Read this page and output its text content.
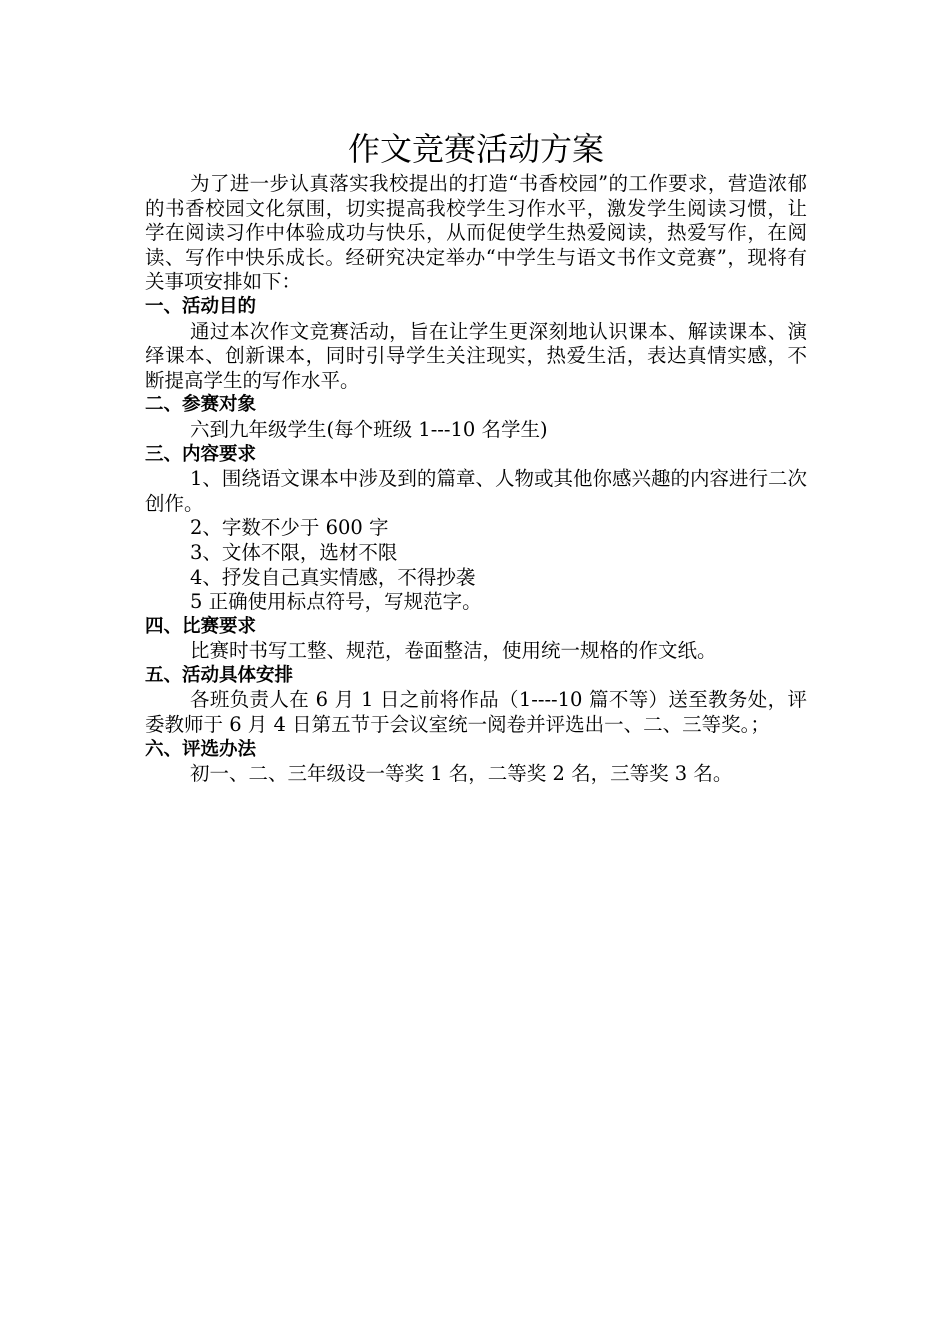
作文竞赛活动方案

为了进一步认真落实我校提出的打造“书香校园”的工作要求，营造浓郁的书香校园文化氛围，切实提高我校学生习作水平，激发学生阅读习惯，让学在阅读习作中体验成功与快乐，从而促使学生热爱阅读，热爱写作，在阅读、写作中快乐成长。经研究决定举办“中学生与语文书作文竞赛”，现将有关事项安排如下：

一、活动目的

通过本次作文竞赛活动，旨在让学生更深刻地认识课本、解读课本、演绎课本、创新课本，同时引导学生关注现实，热爱生活，表达真情实感，不断提高学生的写作水平。

二、参赛对象

六到九年级学生(每个班级 1---10 名学生)

三、内容要求

1、围绕语文课本中涉及到的篇章、人物或其他你感兴趣的内容进行二次创作。

2、字数不少于 600 字

3、文体不限，选材不限

4、抒发自己真实情感，不得抄袭

5 正确使用标点符号，写规范字。

四、比赛要求

比赛时书写工整、规范，卷面整洁，使用统一规格的作文纸。

五、活动具体安排

各班负责人在 6 月 1 日之前将作品（1----10 篇不等）送至教务处，评委教师于 6 月 4 日第五节于会议室统一阅卷并评选出一、二、三等奖。；

六、评选办法

初一、二、三年级设一等奖 1 名，二等奖 2 名，三等奖 3 名。
